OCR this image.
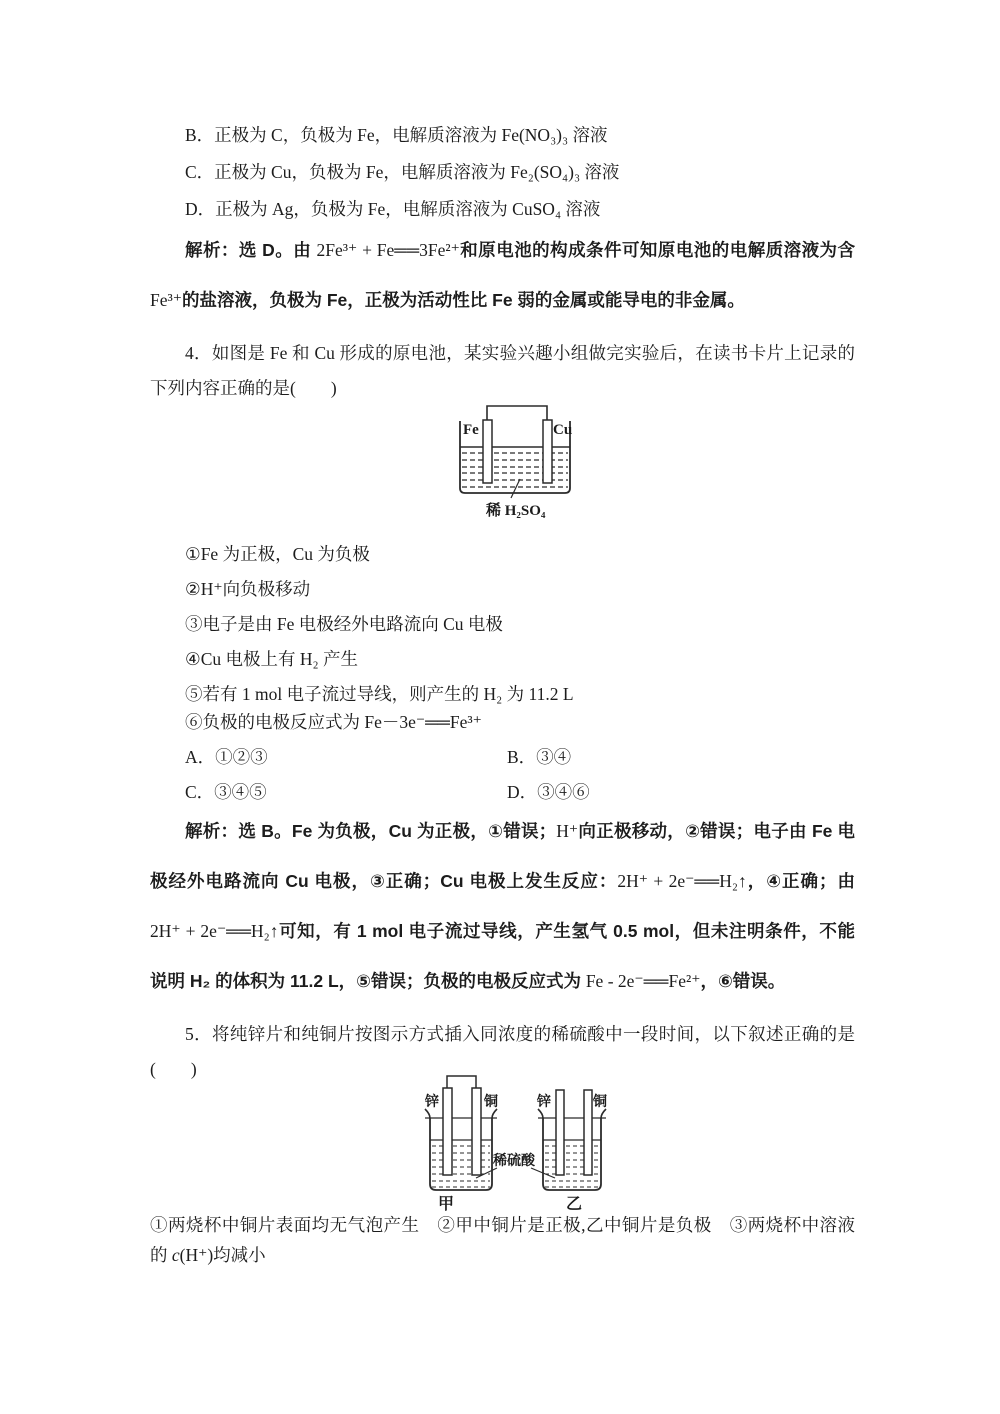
B．正极为 C，负极为 Fe，电解质溶液为 Fe(NO₃)₃ 溶液
C．正极为 Cu，负极为 Fe，电解质溶液为 Fe₂(SO₄)₃ 溶液
D．正极为 Ag，负极为 Fe，电解质溶液为 CuSO₄ 溶液
解析：选 D。由 2Fe³⁺ + Fe══3Fe²⁺和原电池的构成条件可知原电池的电解质溶液为含
Fe³⁺的盐溶液，负极为 Fe，正极为活动性比 Fe 弱的金属或能导电的非金属。
4．如图是 Fe 和 Cu 形成的原电池，某实验兴趣小组做完实验后，在读书卡片上记录的
下列内容正确的是(　　)
Fe	Cu
稀 H₂SO₄
①Fe 为正极，Cu 为负极
②H⁺向负极移动
③电子是由 Fe 电极经外电路流向 Cu 电极
④Cu 电极上有 H₂ 产生
⑤若有 1 mol 电子流过导线，则产生的 H₂ 为 11.2 L
⑥负极的电极反应式为 Fe－3e⁻══Fe³⁺
A．①②③	B．③④
C．③④⑤	D．③④⑥
解析：选 B。Fe 为负极，Cu 为正极，①错误；H⁺向正极移动，②错误；电子由 Fe 电
极经外电路流向 Cu 电极，③正确；Cu 电极上发生反应：2H⁺ + 2e⁻══H₂↑，④正确；由
2H⁺ + 2e⁻══H₂↑可知，有 1 mol 电子流过导线，产生氢气 0.5 mol，但未注明条件，不能
说明 H₂ 的体积为 11.2 L，⑤错误；负极的电极反应式为 Fe - 2e⁻══Fe²⁺，⑥错误。
5．将纯锌片和纯铜片按图示方式插入同浓度的稀硫酸中一段时间，以下叙述正确的是
(　　)
锌	铜
甲
锌	铜
乙
稀硫酸
①两烧杯中铜片表面均无气泡产生　②甲中铜片是正极,乙中铜片是负极　③两烧杯中溶液
的 c(H⁺)均减小
